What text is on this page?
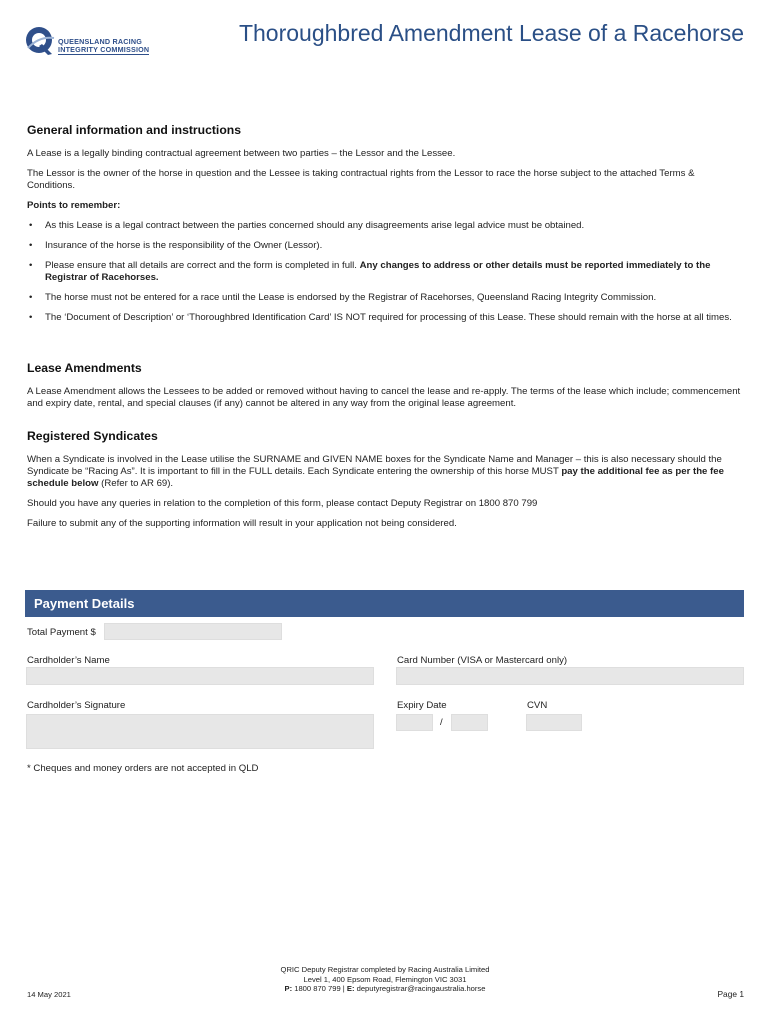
QUEENSLAND RACING
INTEGRITY COMMISSION
Thoroughbred Amendment Lease of a Racehorse
General information and instructions

A Lease is a legally binding contractual agreement between two parties – the Lessor and the Lessee.

The Lessor is the owner of the horse in question and the Lessee is taking contractual rights from the Lessor to race the horse subject to the attached Terms & Conditions.

Points to remember:

• As this Lease is a legal contract between the parties concerned should any disagreements arise legal advice must be obtained.
• Insurance of the horse is the responsibility of the Owner (Lessor).
• Please ensure that all details are correct and the form is completed in full. Any changes to address or other details must be reported immediately to the Registrar of Racehorses.
• The horse must not be entered for a race until the Lease is endorsed by the Registrar of Racehorses, Queensland Racing Integrity Commission.
• The ‘Document of Description’ or ‘Thoroughbred Identification Card’ IS NOT required for processing of this Lease. These should remain with the horse at all times.
Lease Amendments

A Lease Amendment allows the Lessees to be added or removed without having to cancel the lease and re-apply. The terms of the lease which include; commencement and expiry date, rental, and special clauses (if any) cannot be altered in any way from the original lease agreement.

Registered Syndicates

When a Syndicate is involved in the Lease utilise the SURNAME and GIVEN NAME boxes for the Syndicate Name and Manager – this is also necessary should the Syndicate be “Racing As”. It is important to fill in the FULL details. Each Syndicate entering the ownership of this horse MUST pay the additional fee as per the fee schedule below (Refer to AR 69).

Should you have any queries in relation to the completion of this form, please contact Deputy Registrar on 1800 870 799

Failure to submit any of the supporting information will result in your application not being considered.

Payment Details
Total Payment $
Cardholder’s Name	Card Number (VISA or Mastercard only)
Cardholder’s Signature	Expiry Date
/
CVN
* Cheques and money orders are not accepted in QLD
14 May 2021
QRIC Deputy Registrar completed by Racing Australia Limited
Level 1, 400 Epsom Road, Flemington VIC 3031
P: 1800 870 799 | E: deputyregistrar@racingaustralia.horse
Page 1
